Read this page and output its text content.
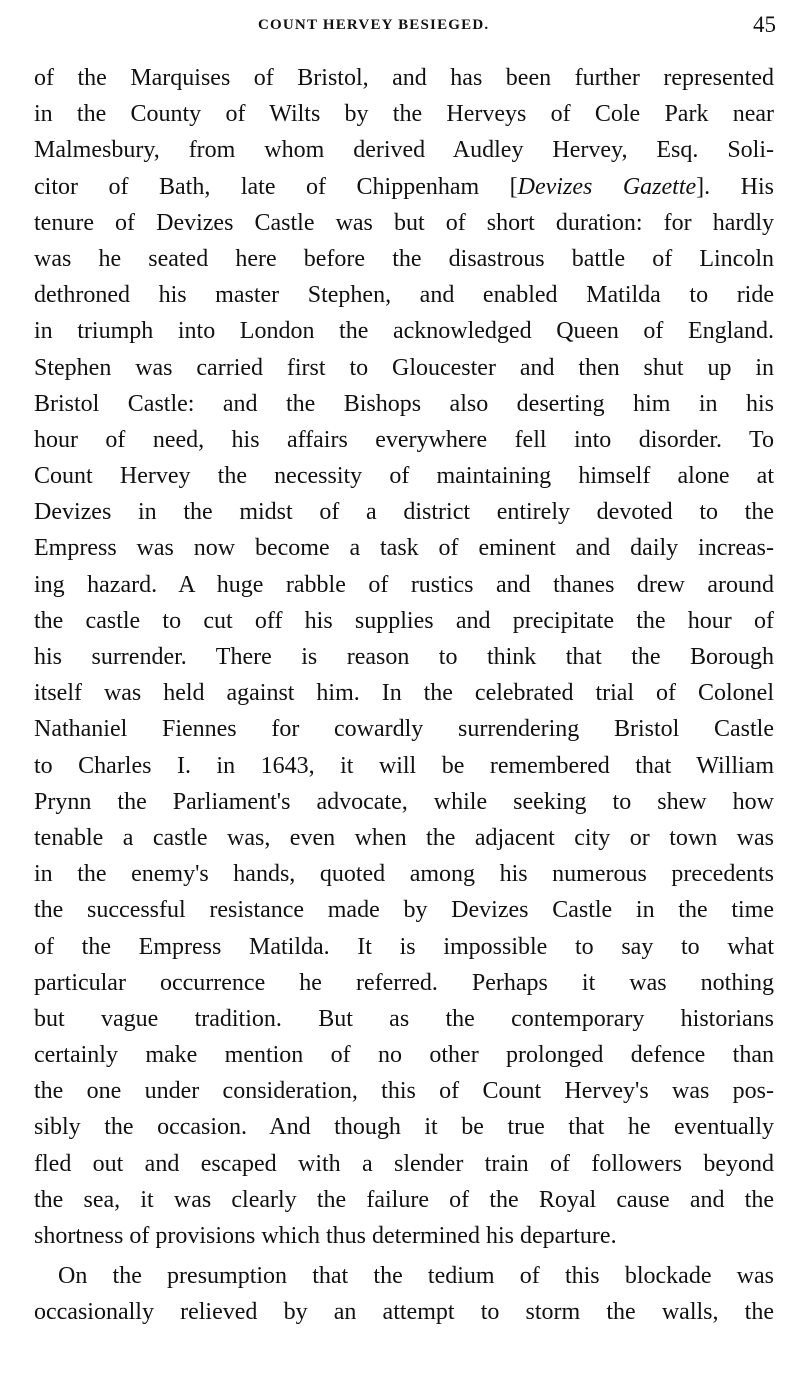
COUNT HERVEY BESIEGED.	45
of the Marquises of Bristol, and has been further represented
in the County of Wilts by the Herveys of Cole Park near
Malmesbury, from whom derived Audley Hervey, Esq. Soli-
citor of Bath, late of Chippenham [Devizes Gazette]. His
tenure of Devizes Castle was but of short duration: for hardly
was he seated here before the disastrous battle of Lincoln
dethroned his master Stephen, and enabled Matilda to ride
in triumph into London the acknowledged Queen of England.
Stephen was carried first to Gloucester and then shut up in
Bristol Castle: and the Bishops also deserting him in his
hour of need, his affairs everywhere fell into disorder. To
Count Hervey the necessity of maintaining himself alone at
Devizes in the midst of a district entirely devoted to the
Empress was now become a task of eminent and daily increas-
ing hazard. A huge rabble of rustics and thanes drew around
the castle to cut off his supplies and precipitate the hour of
his surrender. There is reason to think that the Borough
itself was held against him. In the celebrated trial of Colonel
Nathaniel Fiennes for cowardly surrendering Bristol Castle
to Charles I. in 1643, it will be remembered that William
Prynn the Parliament's advocate, while seeking to shew how
tenable a castle was, even when the adjacent city or town was
in the enemy's hands, quoted among his numerous precedents
the successful resistance made by Devizes Castle in the time
of the Empress Matilda. It is impossible to say to what
particular occurrence he referred. Perhaps it was nothing
but vague tradition. But as the contemporary historians
certainly make mention of no other prolonged defence than
the one under consideration, this of Count Hervey's was pos-
sibly the occasion. And though it be true that he eventually
fled out and escaped with a slender train of followers beyond
the sea, it was clearly the failure of the Royal cause and the
shortness of provisions which thus determined his departure.
On the presumption that the tedium of this blockade was
occasionally relieved by an attempt to storm the walls, the
